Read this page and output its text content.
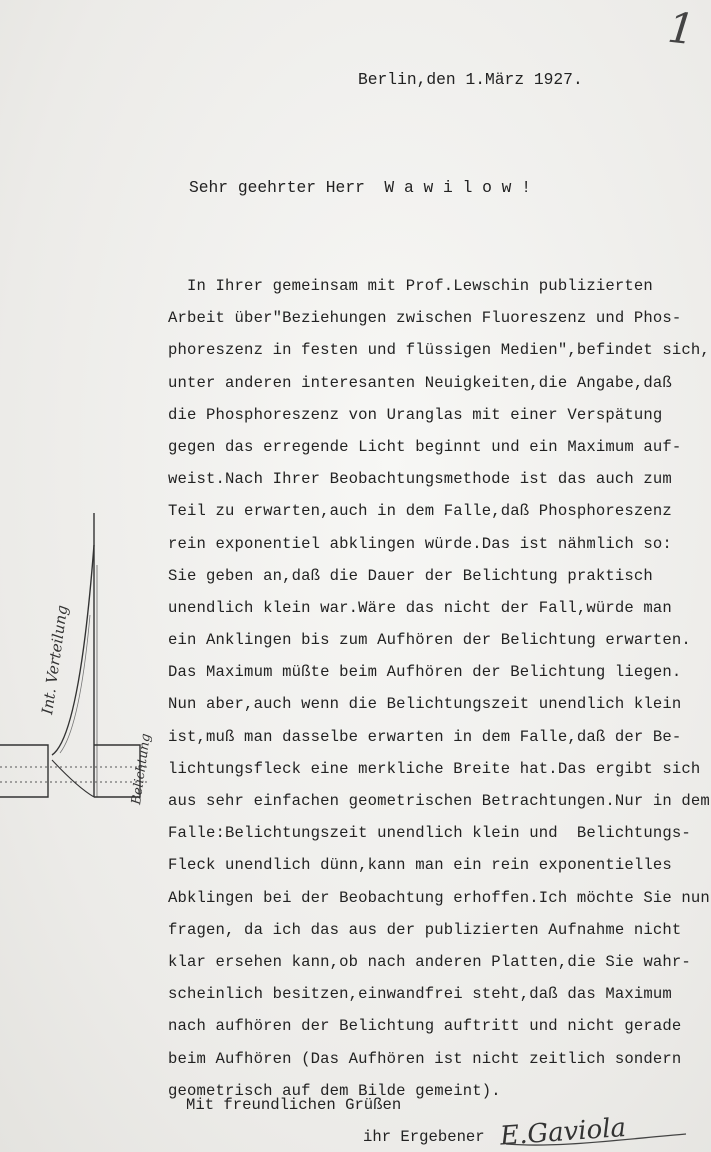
1
Berlin,den 1.März 1927.
Sehr geehrter Herr  W a w i l o w !
In Ihrer gemeinsam mit Prof.Lewschin publizierten
Arbeit über"Beziehungen zwischen Fluoreszenz und Phos-
phoreszenz in festen und flüssigen Medien",befindet sich,
unter anderen interesanten Neuigkeiten,die Angabe,daß
die Phosphoreszenz von Uranglas mit einer Verspätung
gegen das erregende Licht beginnt und ein Maximum auf-
weist.Nach Ihrer Beobachtungsmethode ist das auch zum
Teil zu erwarten,auch in dem Falle,daß Phosphoreszenz
rein exponentiel abklingen würde.Das ist nähmlich so:
Sie geben an,daß die Dauer der Belichtung praktisch
unendlich klein war.Wäre das nicht der Fall,würde man
ein Anklingen bis zum Aufhören der Belichtung erwarten.
Das Maximum müßte beim Aufhören der Belichtung liegen.
Nun aber,auch wenn die Belichtungszeit unendlich klein
ist,muß man dasselbe erwarten in dem Falle,daß der Be-
lichtungsfleck eine merkliche Breite hat.Das ergibt sich
aus sehr einfachen geometrischen Betrachtungen.Nur in dem
Falle:Belichtungszeit unendlich klein und  Belichtungs-
Fleck unendlich dünn,kann man ein rein exponentielles
Abklingen bei der Beobachtung erhoffen.Ich möchte Sie nun
fragen, da ich das aus der publizierten Aufnahme nicht
klar ersehen kann,ob nach anderen Platten,die Sie wahr-
scheinlich besitzen,einwandfrei steht,daß das Maximum
nach aufhören der Belichtung auftritt und nicht gerade
beim Aufhören (Das Aufhören ist nicht zeitlich sondern
geometrisch auf dem Bilde gemeint).
Int. Verteilung
Belichtung
Mit freundlichen Grüßen
ihr Ergebener E.Gaviola
